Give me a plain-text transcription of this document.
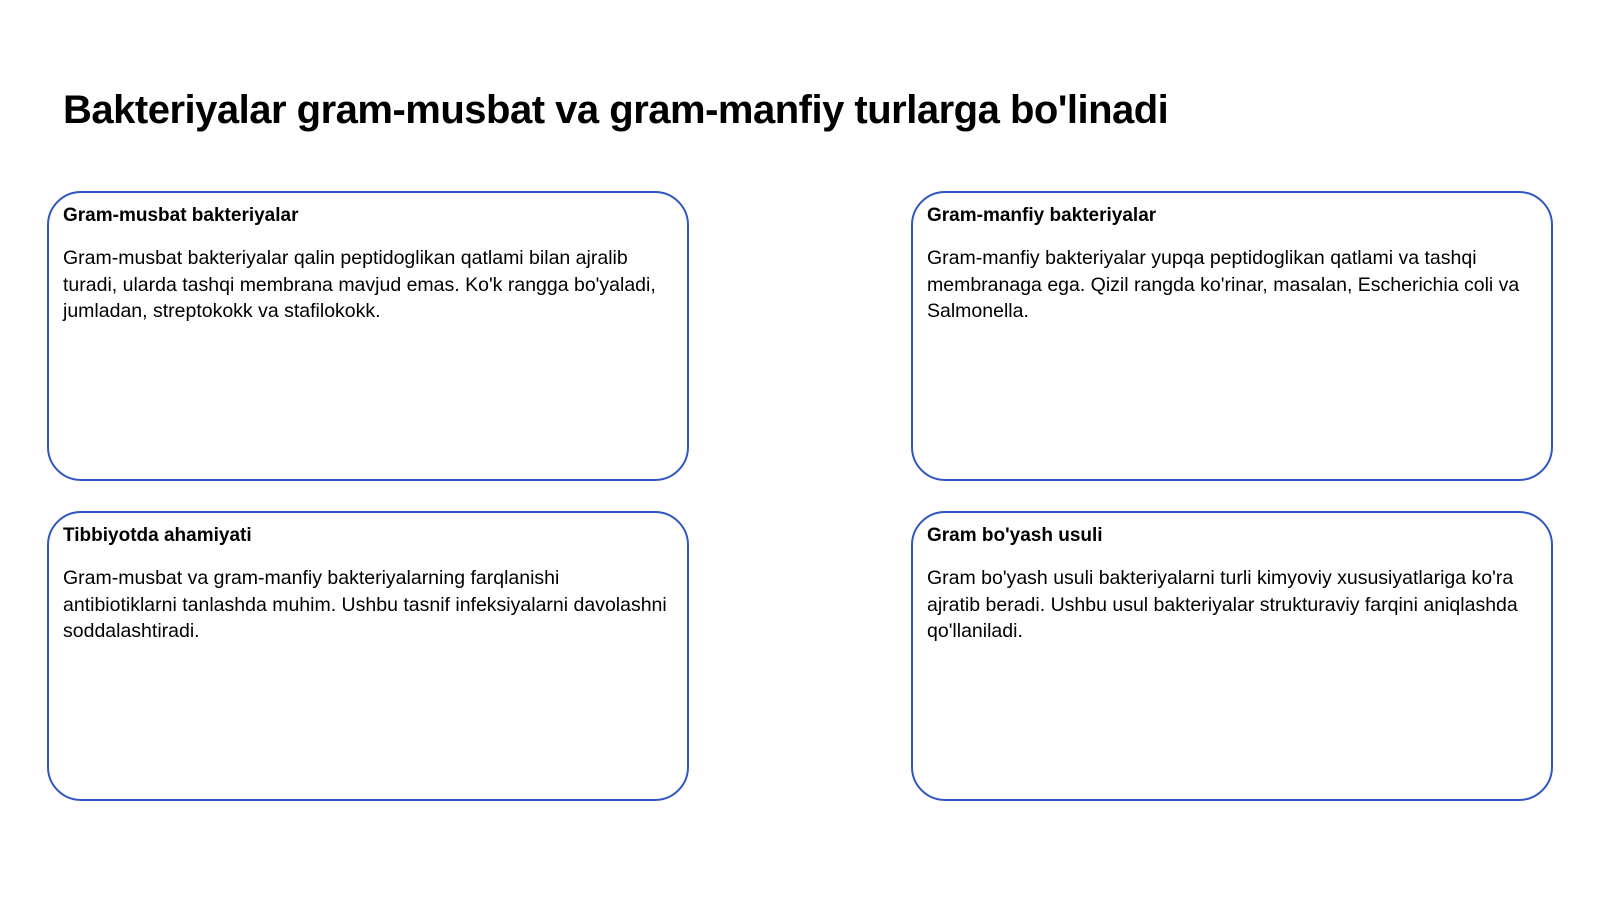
Bakteriyalar gram-musbat va gram-manfiy turlarga bo'linadi
Gram-musbat bakteriyalar

Gram-musbat bakteriyalar qalin peptidoglikan qatlami bilan ajralib turadi, ularda tashqi membrana mavjud emas. Ko'k rangga bo'yaladi, jumladan, streptokokk va stafilokokk.

Gram-manfiy bakteriyalar

Gram-manfiy bakteriyalar yupqa peptidoglikan qatlami va tashqi membranaga ega. Qizil rangda ko'rinar, masalan, Escherichia coli va Salmonella.

Tibbiyotda ahamiyati

Gram-musbat va gram-manfiy bakteriyalarning farqlanishi antibiotiklarni tanlashda muhim. Ushbu tasnif infeksiyalarni davolashni soddalashtiradi.

Gram bo'yash usuli

Gram bo'yash usuli bakteriyalarni turli kimyoviy xususiyatlariga ko'ra ajratib beradi. Ushbu usul bakteriyalar strukturaviy farqini aniqlashda qo'llaniladi.
